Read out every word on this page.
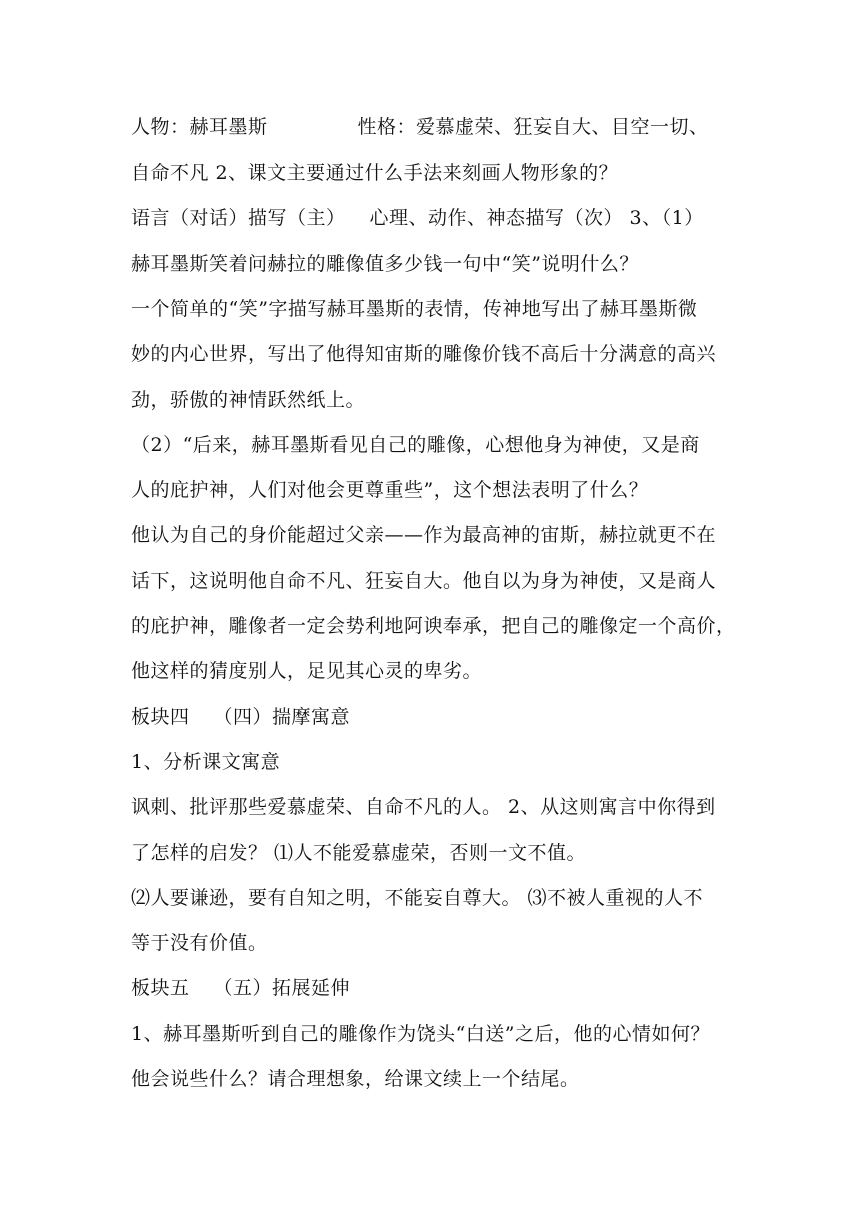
人物：赫耳墨斯	性格：爱慕虚荣、狂妄自大、目空一切、
自命不凡 2、课文主要通过什么手法来刻画人物形象的？
语言（对话）描写（主） 心理、动作、神态描写（次） 3、（1）
赫耳墨斯笑着问赫拉的雕像值多少钱一句中“笑”说明什么？
一个简单的“笑”字描写赫耳墨斯的表情，传神地写出了赫耳墨斯微
妙的内心世界，写出了他得知宙斯的雕像价钱不高后十分满意的高兴
劲，骄傲的神情跃然纸上。
（2）“后来，赫耳墨斯看见自己的雕像，心想他身为神使，又是商
人的庇护神，人们对他会更尊重些”，这个想法表明了什么？
他认为自己的身价能超过父亲——作为最高神的宙斯，赫拉就更不在
话下，这说明他自命不凡、狂妄自大。他自以为身为神使，又是商人
的庇护神，雕像者一定会势利地阿谀奉承，把自己的雕像定一个高价，
他这样的猜度别人，足见其心灵的卑劣。
板块四 （四）揣摩寓意
1、分析课文寓意
讽刺、批评那些爱慕虚荣、自命不凡的人。 2、从这则寓言中你得到
了怎样的启发？ ⑴人不能爱慕虚荣，否则一文不值。
⑵人要谦逊，要有自知之明，不能妄自尊大。 ⑶不被人重视的人不
等于没有价值。
板块五 （五）拓展延伸
1、赫耳墨斯听到自己的雕像作为饶头“白送”之后，他的心情如何？
他会说些什么？请合理想象，给课文续上一个结尾。
